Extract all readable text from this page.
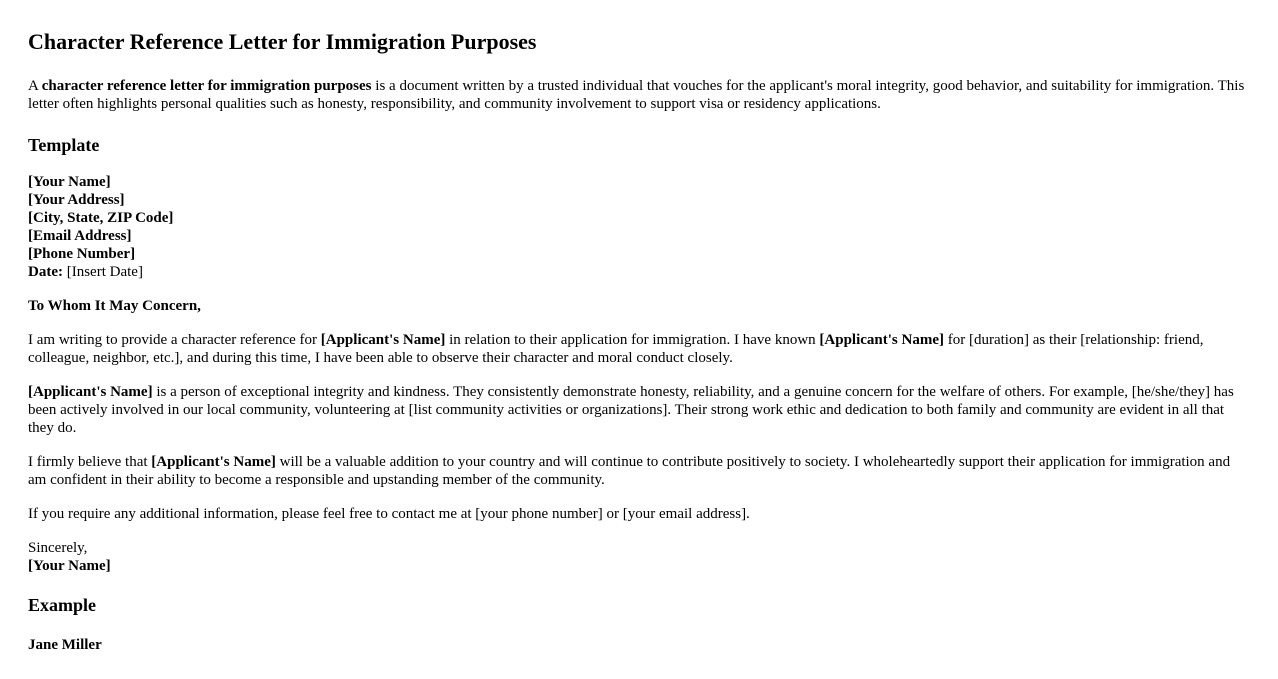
Character Reference Letter for Immigration Purposes

A character reference letter for immigration purposes is a document written by a trusted individual that vouches for the applicant's moral integrity, good behavior, and suitability for immigration. This letter often highlights personal qualities such as honesty, responsibility, and community involvement to support visa or residency applications.

Template
[Your Name]
[Your Address]
[City, State, ZIP Code]
[Email Address]
[Phone Number]
Date: [Insert Date]

To Whom It May Concern,

I am writing to provide a character reference for [Applicant's Name] in relation to their application for immigration. I have known [Applicant's Name] for [duration] as their [relationship: friend, colleague, neighbor, etc.], and during this time, I have been able to observe their character and moral conduct closely.

[Applicant's Name] is a person of exceptional integrity and kindness. They consistently demonstrate honesty, reliability, and a genuine concern for the welfare of others. For example, [he/she/they] has been actively involved in our local community, volunteering at [list community activities or organizations]. Their strong work ethic and dedication to both family and community are evident in all that they do.

I firmly believe that [Applicant's Name] will be a valuable addition to your country and will continue to contribute positively to society. I wholeheartedly support their application for immigration and am confident in their ability to become a responsible and upstanding member of the community.

If you require any additional information, please feel free to contact me at [your phone number] or [your email address].

Sincerely,
[Your Name]
Example

Jane Miller
